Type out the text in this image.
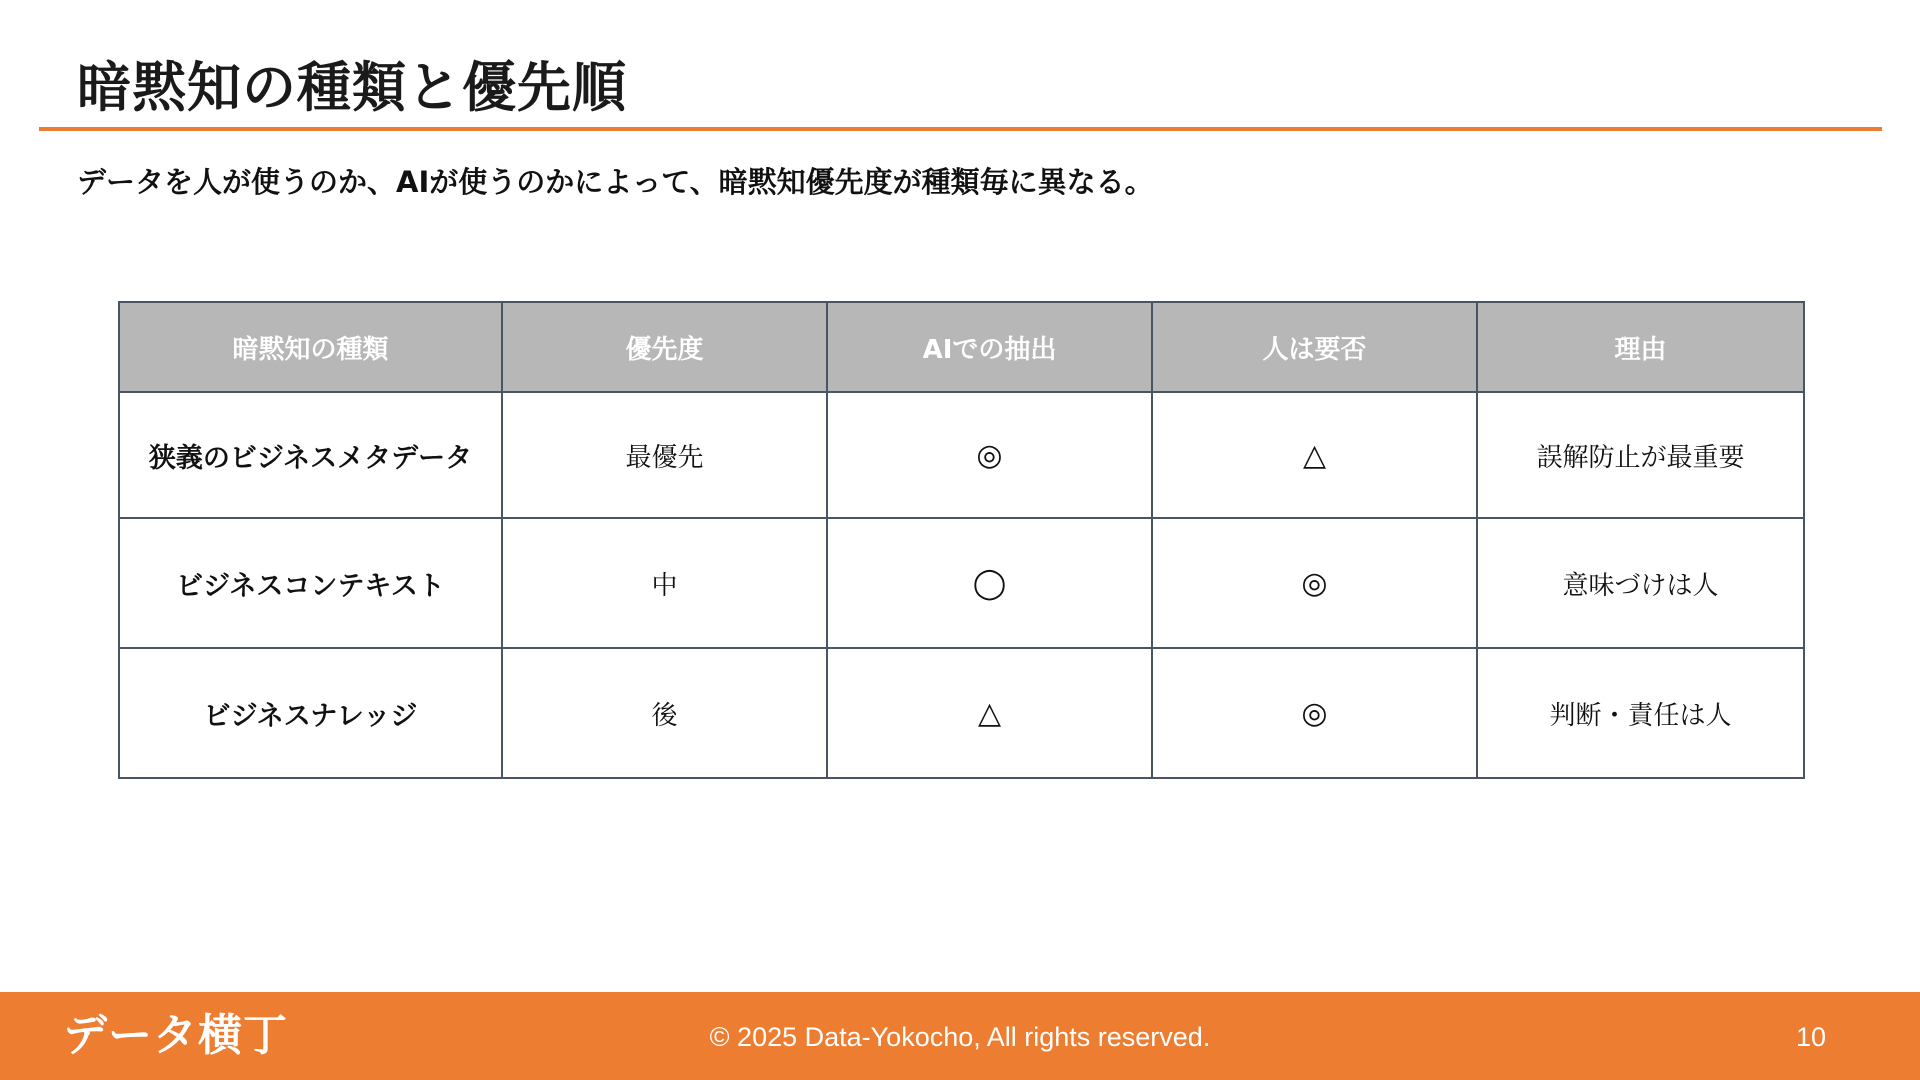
暗黙知の種類と優先順

データを人が使うのか、AIが使うのかによって、暗黙知優先度が種類毎に異なる。

暗黙知の種類	優先度	AIでの抽出	人は要否	理由
狭義のビジネスメタデータ	最優先	◎	△	誤解防止が最重要
ビジネスコンテキスト	中	◯	◎	意味づけは人
ビジネスナレッジ	後	△	◎	判断・責任は人
データ横丁	© 2025 Data-Yokocho, All rights reserved.	10
